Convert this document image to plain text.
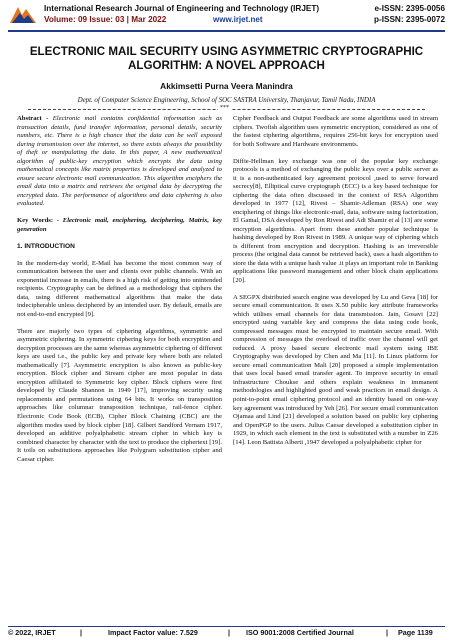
International Research Journal of Engineering and Technology (IRJET)
Volume: 09 Issue: 03 | Mar 2022	www.irjet.net
e-ISSN: 2395-0056
p-ISSN: 2395-0072
ELECTRONIC MAIL SECURITY USING ASYMMETRIC CRYPTOGRAPHIC
ALGORITHM: A NOVEL APPROACH
Akkimsetti Purna Veera Manindra
Dept. of Computer Science Engineering, School of SOC SASTRA University, Thanjavur, Tamil Nadu, INDIA
***

Abstract - Electronic mail contains confidential information such as transaction details, fund transfer information, personal details, security numbers, etc. There is a high chance that the data can be well exposed during transmission over the internet, so there exists always the possibility of theft or manipulating the data. In this paper, A new mathematical algorithm of public-key encryption which encrypts the data using mathematical concepts like matrix properties is developed and analyzed to ensure secure electronic mail communication. This algorithm enciphers the email data into a matrix and retrieves the original data by decrypting the encrypted data. The performance of algorithms and data ciphering is also evaluated.

Key Words: - Electronic mail, enciphering, deciphering, Matrix, key generation

1. INTRODUCTION

In the modern-day world, E-Mail has become the most common way of communication between the user and clients over public channels. With an exponential increase in emails, there is a high risk of getting into unintended recipients. Cryptography can be defined as a methodology that ciphers the data, using different mathematical algorithms that make the data indecipherable unless deciphered by an intended user. By default, emails are not end-to-end encrypted [9].

There are majorly two types of ciphering algorithms, symmetric and asymmetric ciphering. In symmetric ciphering keys for both encryption and decryption processes are the same whereas asymmetric ciphering of different keys are used i.e., the public key and private key where both are related mathematically [7]. Asymmetric encryption is also known as public-key encryption. Block cipher and Stream cipher are most popular in data encryption affiliated to Symmetric key cipher. Block ciphers were first developed by Claude Shannon in 1949 [17], improving security using replacements and permutations using 64 bits. It works on transposition approaches like columnar transposition technique, rail-fence cipher. Electronic Code Book (ECB), Cipher Block Chaining (CBC) are the algorithm modes used by block cipher [18]. Gilbert Sandford Vernam 1917, developed an additive polyalphabetic stream cipher in which key is combined character by character with the text to produce the ciphertext [19]. It toils on substitutions approaches like Polygram substitution cipher and Caesar cipher.

Cipher Feedback and Output Feedback are some algorithms used in stream ciphers. Twofish algorithm uses symmetric encryption, considered as one of the fastest ciphering algorithms, requires 256-bit keys for encryption used for both Software and Hardware environments.

Diffie-Hellman key exchange was one of the popular key exchange protocols is a method of exchanging the public keys over a public server as it is a non-authenticated key agreement protocol ,used to serve forward secrecy[8], Elliptical curve cryptograph (ECC) is a key based technique for ciphering the data often discussed in the context of RSA Algorithm developed in 1977 [12], Rivest – Shamir-Adleman (RSA) one way enciphering of things like electronic-mail, data, software using factorization, El Gamal, DSA developed by Ron Rivest and Adi Shamir et al [13] are some encryption algorithms. Apart from these another popular technique is hashing developed by Ron Rivest in 1989. A unique way of ciphering which is different from encryption and decryption. Hashing is an irreversible process (the original data cannot be retrieved back), uses a hash algorithm to store the data with a unique hash value .it plays an important role in Banking applications like password management and other block chain applications [20].

A SEGPX distributed search engine was developed by Lu and Geva [18] for secure email communication. It uses X.50 public key attribute frameworks which utilises email channels for data transmission. Jain, Gosavi [22] encrypted using variable key and compress the data using code book, compressed messages must be encrypted to maintain secure email. With compression of messages the overload of traffic over the channel will get reduced. A proxy based secure electronic mail system using IBE Cryptography was developed by Chen and Ma [11]. In Linux platform for secure email communication Mali [20] proposed a simple implementation that uses local based email transfer agent. To improve security in email infrastructure Choukse and others explain weakness in immanent methodologies and highlighted good and weak practices in email design. A point-to-point email ciphering protocol and an identity based on one-way key agreement was introduced by Yeh [26]. For secure email communication Ojamaa and Lind [21] developed a solution based on public key ciphering and OpenPGP to the users. Julius Caesar developed a substitution cipher in 1929, in which each element in the text is substituted with a number in Z26 [14]. Leon Battista Alberti ,1947 developed a polyalphabetic cipher for

© 2022, IRJET	|	Impact Factor value: 7.529	| ISO 9001:2008 Certified Journal	| Page 1139
